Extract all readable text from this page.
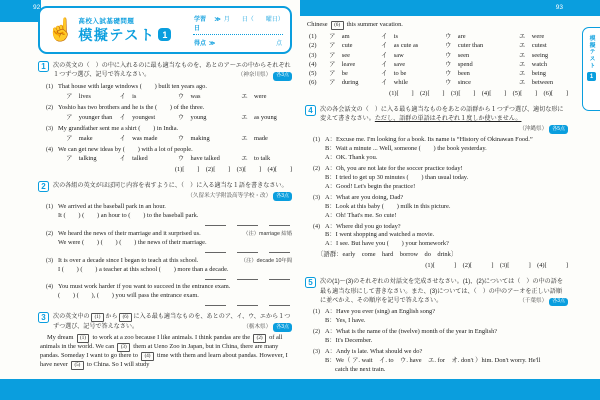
☝ 高校入試基礎問題
模擬テスト 1
学習日
≫ 月　　日（　　曜日）
得点 ≫	点
1	次の英文の（　）の中に入れるのに最も適当なものを、あとのア～エの中からそれぞれ１つずつ選び、記号で答えなさい。	（神奈川県） 各3点
(1) That house with large windows (　　) built ten years ago.
ア　lives	イ　is	ウ　was	エ　were
(2) Yoshio has two brothers and he is the (　　) of the three.
ア　younger than	イ　youngest	ウ　young	エ　as young
(3) My grandfather sent me a shirt (　　) in India.
ア　make	イ　was made	ウ　making	エ　made
(4) We can get new ideas by (　　) with a lot of people.
ア　talking	イ　talked	ウ　have talked	エ　to talk
(1)[　　]　(2)[　　]　(3)[　　]　(4)[　　]
2	次の各組の英文がほぼ同じ内容を表すように、（　）に入る適当な１語を書きなさい。
（久留米大学附設高等学校・改） 各3点
(1) We arrived at the baseball park in an hour.
It (　　) (　　) an hour to (　　) to the baseball park.
(2) We heard the news of their marriage and it surprised us.	（注）marriage 結婚
We were (　　) (　　) (　　) the news of their marriage.
(3) It is over a decade since I began to teach at this school.	（注）decade 10年間
I (　　) (　　) a teacher at this school (　　) more than a decade.
(4) You must work harder if you want to succeed in the entrance exam.
(　　) (　　), (　　) you will pass the entrance exam.
3	次の英文中の (1) から (6) に入る最も適当なものを、あとのア、イ、ウ、エから１つずつ選び、記号で答えなさい。	（栃木県） 各3点
My dream (1) to work at a zoo because I like animals. I think pandas are the (2) of all animals in the world. We can (3) them at Ueno Zoo in Japan, but in China, there are many pandas. Someday I want to go there to (4) time with them and learn about pandas. However, I have never (5) to China. So I will study
Chinese (6) this summer vacation.
(1)	ア　am	イ　is	ウ　are	エ　were
(2)	ア　cute	イ　as cute as	ウ　cuter than	エ　cutest
(3)	ア　see	イ　saw	ウ　seen	エ　seeing
(4)	ア　leave	イ　save	ウ　spend	エ　watch
(5)	ア　be	イ　to be	ウ　been	エ　being
(6)	ア　during	イ　while	ウ　since	エ　between
(1)[　　]　(2)[　　]　(3)[　　]　(4)[　　]　(5)[　　]　(6)[　　]
4	次の各会話文の（　）に入る最も適当なものをあとの語群から１つずつ選び、適切な形に変えて書きなさい。ただし、語群の単語はそれぞれ１度しか使いません。
（沖縄県） 各5点
(1) A：Excuse me. I'm looking for a book. Its name is “History of Okinawan Food.”
B：Wait a minute ... Well, someone (　　) the book yesterday.
A：OK. Thank you.
(2) A：Oh, you are not late for the soccer practice today!
B：I tried to get up 30 minutes (　　) than usual today.
A：Good! Let's begin the practice!
(3) A：What are you doing, Dad?
B：Look at this baby (　　) milk in this picture.
A：Oh! That's me. So cute!
(4) A：Where did you go today?
B：I went shopping and watched a movie.
A：I see. But have you (　　) your homework?
〔語群：early　come　hard　borrow　do　drink〕
(1)[　　　]　(2)[　　　]　(3)[　　　]　(4)[　　　]
5	次の(1)～(3)のそれぞれの対話文を完成させなさい。(1)、(2)については（　）の中の語を最も適当な形にして書きなさい。また、(3)については、（　）の中のア～オを正しい語順に並べかえ、その順序を記号で答えなさい。	（千葉県） 各3点
(1) A：Have you ever (sing) an English song?
B：Yes, I have.
(2) A：What is the name of the (twelve) month of the year in English?
B：It's December.
(3) A：Andy is late. What should we do?
B：We（ ア. wait　イ. to　ウ. have　エ. for　オ. don't ）him. Don't worry. He'll
catch the next train.
模擬テスト
1
92	93
